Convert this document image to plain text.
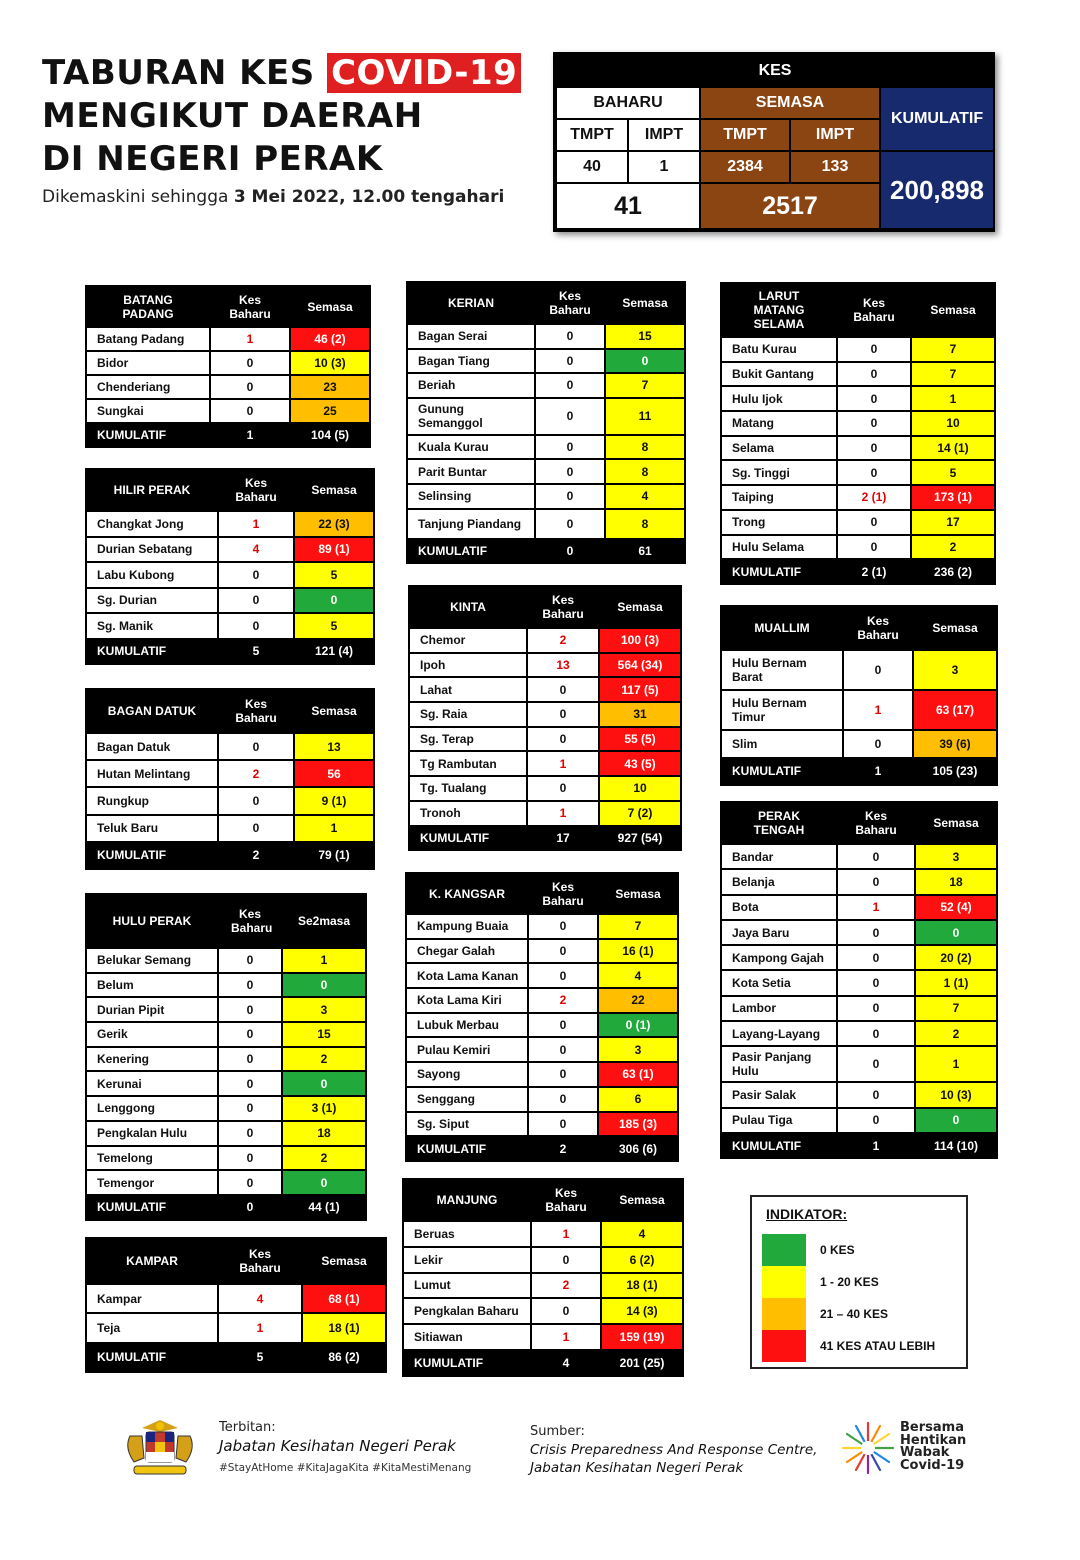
TABURAN KES COVID-19
MENGIKUT DAERAH
DI NEGERI PERAK
Dikemaskini sehingga 3 Mei 2022, 12.00 tengahari
KES				
BAHARU		SEMASA		KUMULATIF
TMPT	IMPT	TMPT	IMPT	
40	1	2384	133	200,898
41		2517		
BATANG PADANG	Kes Baharu	Semasa
Batang Padang	1	46 (2)
Bidor	0	10 (3)
Chenderiang	0	23
Sungkai	0	25
KUMULATIF	1	104 (5)
HILIR PERAK	Kes Baharu	Semasa
Changkat Jong	1	22 (3)
Durian Sebatang	4	89 (1)
Labu Kubong	0	5
Sg. Durian	0	0
Sg. Manik	0	5
KUMULATIF	5	121 (4)
BAGAN DATUK	Kes Baharu	Semasa
Bagan Datuk	0	13
Hutan Melintang	2	56
Rungkup	0	9 (1)
Teluk Baru	0	1
KUMULATIF	2	79 (1)
HULU PERAK	Kes Baharu	Se2masa
Belukar Semang	0	1
Belum	0	0
Durian Pipit	0	3
Gerik	0	15
Kenering	0	2
Kerunai	0	0
Lenggong	0	3 (1)
Pengkalan Hulu	0	18
Temelong	0	2
Temengor	0	0
KUMULATIF	0	44 (1)
KAMPAR	Kes Baharu	Semasa
Kampar	4	68 (1)
Teja	1	18 (1)
KUMULATIF	5	86 (2)
KERIAN	Kes Baharu	Semasa
Bagan Serai	0	15
Bagan Tiang	0	0
Beriah	0	7
Gunung Semanggol	0	11
Kuala Kurau	0	8
Parit Buntar	0	8
Selinsing	0	4
Tanjung Piandang	0	8
KUMULATIF	0	61
KINTA	Kes Baharu	Semasa
Chemor	2	100 (3)
Ipoh	13	564 (34)
Lahat	0	117 (5)
Sg. Raia	0	31
Sg. Terap	0	55 (5)
Tg Rambutan	1	43 (5)
Tg. Tualang	0	10
Tronoh	1	7 (2)
KUMULATIF	17	927 (54)
K. KANGSAR	Kes Baharu	Semasa
Kampung Buaia	0	7
Chegar Galah	0	16 (1)
Kota Lama Kanan	0	4
Kota Lama Kiri	2	22
Lubuk Merbau	0	0 (1)
Pulau Kemiri	0	3
Sayong	0	63 (1)
Senggang	0	6
Sg. Siput	0	185 (3)
KUMULATIF	2	306 (6)
MANJUNG	Kes Baharu	Semasa
Beruas	1	4
Lekir	0	6 (2)
Lumut	2	18 (1)
Pengkalan Baharu	0	14 (3)
Sitiawan	1	159 (19)
KUMULATIF	4	201 (25)
LARUT MATANG SELAMA	Kes Baharu	Semasa
Batu Kurau	0	7
Bukit Gantang	0	7
Hulu Ijok	0	1
Matang	0	10
Selama	0	14 (1)
Sg. Tinggi	0	5
Taiping	2 (1)	173 (1)
Trong	0	17
Hulu Selama	0	2
KUMULATIF	2 (1)	236 (2)
MUALLIM	Kes Baharu	Semasa
Hulu Bernam Barat	0	3
Hulu Bernam Timur	1	63 (17)
Slim	0	39 (6)
KUMULATIF	1	105 (23)
PERAK TENGAH	Kes Baharu	Semasa
Bandar	0	3
Belanja	0	18
Bota	1	52 (4)
Jaya Baru	0	0
Kampong Gajah	0	20 (2)
Kota Setia	0	1 (1)
Lambor	0	7
Layang-Layang	0	2
Pasir Panjang Hulu	0	1
Pasir Salak	0	10 (3)
Pulau Tiga	0	0
KUMULATIF	1	114 (10)
INDIKATOR:
0 KES
1 - 20 KES
21 – 40 KES
41 KES ATAU LEBIH
Terbitan:
Jabatan Kesihatan Negeri Perak
#StayAtHome #KitaJagaKita #KitaMestiMenang
Sumber:
Crisis Preparedness And Response Centre,
Jabatan Kesihatan Negeri Perak
Bersama
Hentikan
Wabak
Covid-19
